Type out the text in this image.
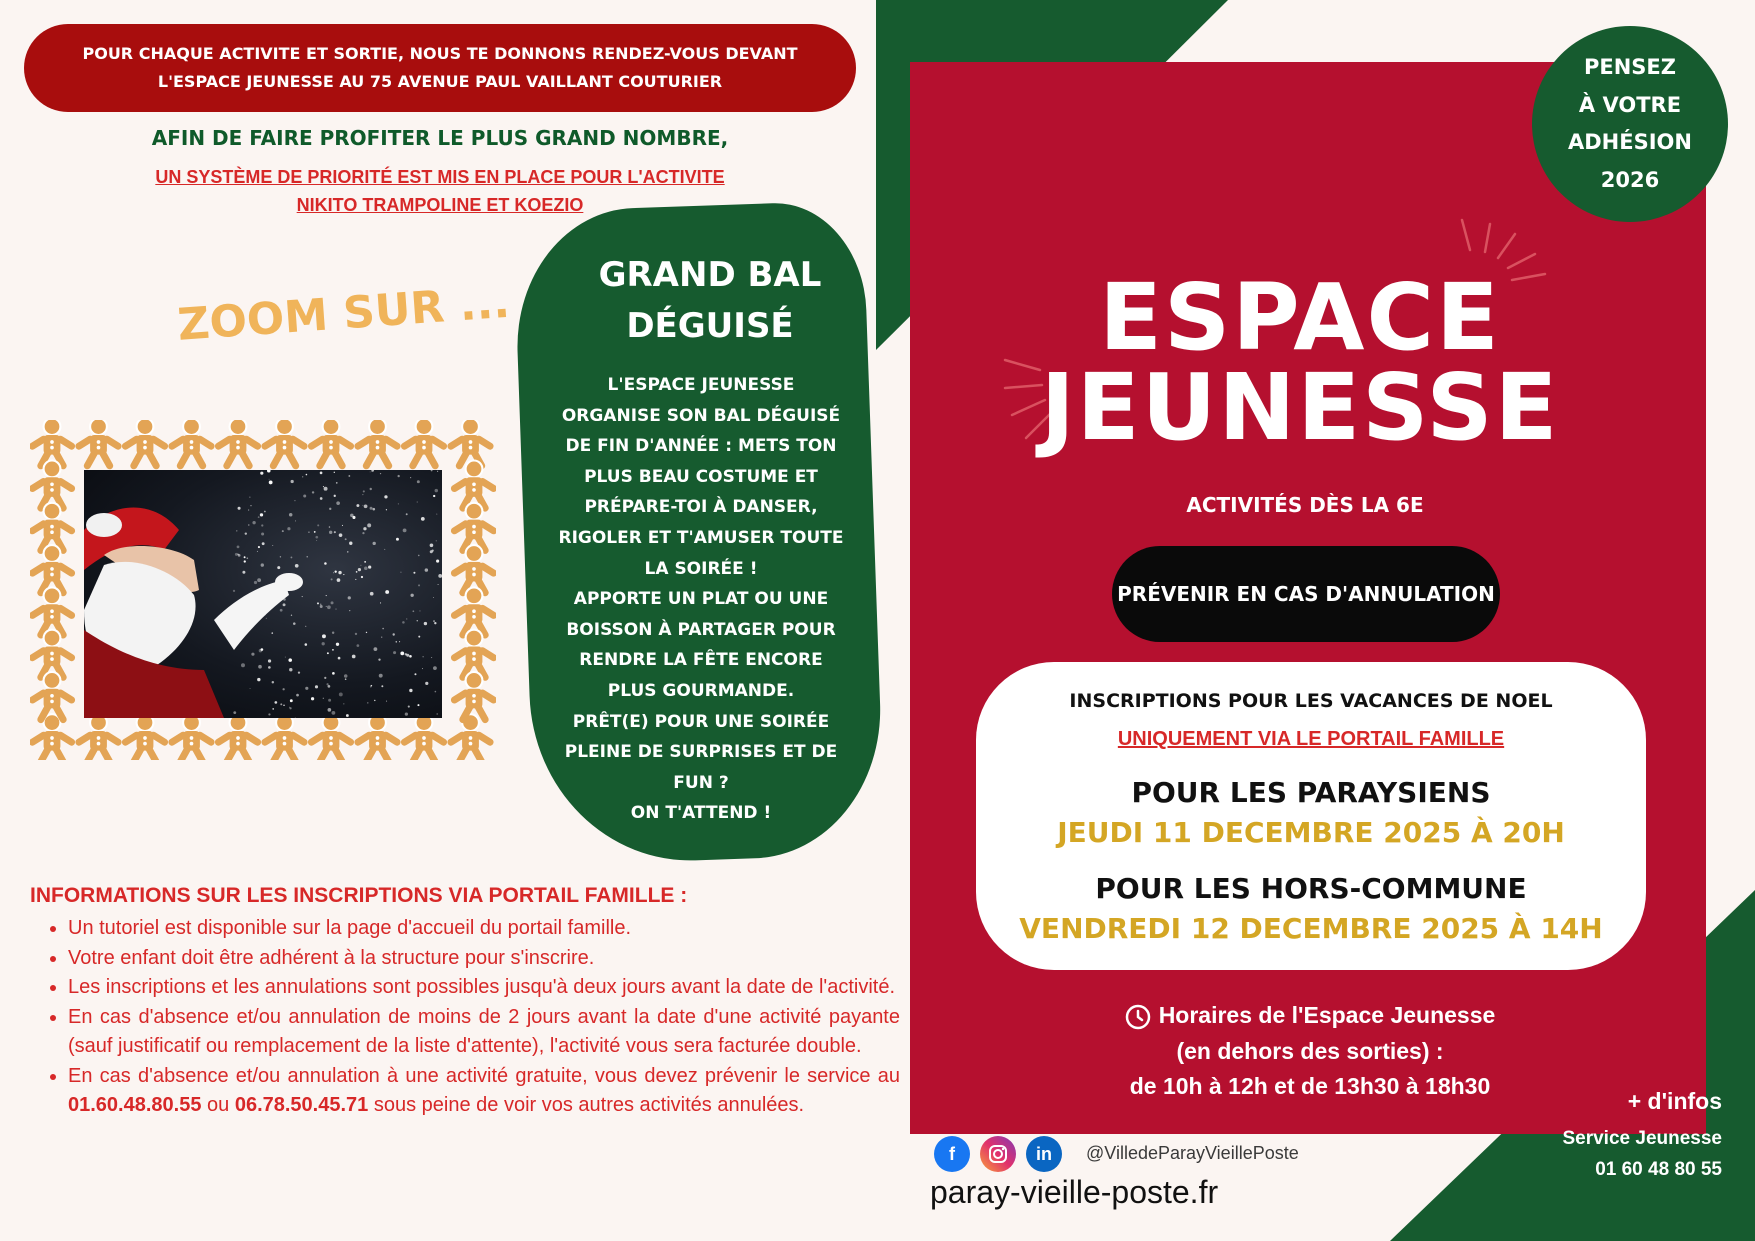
POUR CHAQUE ACTIVITE ET SORTIE, NOUS TE DONNONS RENDEZ-VOUS DEVANT
L'ESPACE JEUNESSE AU 75 AVENUE PAUL VAILLANT COUTURIER
AFIN DE FAIRE PROFITER LE PLUS GRAND NOMBRE,
UN SYSTÈME DE PRIORITÉ EST MIS EN PLACE POUR L'ACTIVITE
NIKITO TRAMPOLINE ET KOEZIO
ZOOM SUR ...
GRAND BAL
DÉGUISÉ
L'ESPACE JEUNESSE
ORGANISE SON BAL DÉGUISÉ
DE FIN D'ANNÉE : METS TON
PLUS BEAU COSTUME ET
PRÉPARE-TOI À DANSER,
RIGOLER ET T'AMUSER TOUTE
LA SOIRÉE !
APPORTE UN PLAT OU UNE
BOISSON À PARTAGER POUR
RENDRE LA FÊTE ENCORE
PLUS GOURMANDE.
PRÊT(E) POUR UNE SOIRÉE
PLEINE DE SURPRISES ET DE
FUN ?
ON T'ATTEND !
INFORMATIONS SUR LES INSCRIPTIONS VIA PORTAIL FAMILLE :
• Un tutoriel est disponible sur la page d'accueil du portail famille.
• Votre enfant doit être adhérent à la structure pour s'inscrire.
• Les inscriptions et les annulations sont possibles jusqu'à deux jours avant la date de l'activité.
• En cas d'absence et/ou annulation de moins de 2 jours avant la date d'une activité payante (sauf justificatif ou remplacement de la liste d'attente), l'activité vous sera facturée double.
• En cas d'absence et/ou annulation à une activité gratuite, vous devez prévenir le service au 01.60.48.80.55 ou 06.78.50.45.71 sous peine de voir vos autres activités annulées.
ESPACE
JEUNESSE
ACTIVITÉS DÈS LA 6E
PRÉVENIR EN CAS D'ANNULATION
INSCRIPTIONS POUR LES VACANCES DE NOEL
UNIQUEMENT VIA LE PORTAIL FAMILLE
POUR LES PARAYSIENS
JEUDI 11 DECEMBRE 2025 À 20H
POUR LES HORS-COMMUNE
VENDREDI 12 DECEMBRE 2025 À 14H
Horaires de l'Espace Jeunesse
(en dehors des sorties) :
de 10h à 12h et de 13h30 à 18h30
PENSEZ
À VOTRE
ADHÉSION
2026
+ d'infos
Service Jeunesse
01 60 48 80 55
f	in	@VilledeParayVieillePoste
paray-vieille-poste.fr
